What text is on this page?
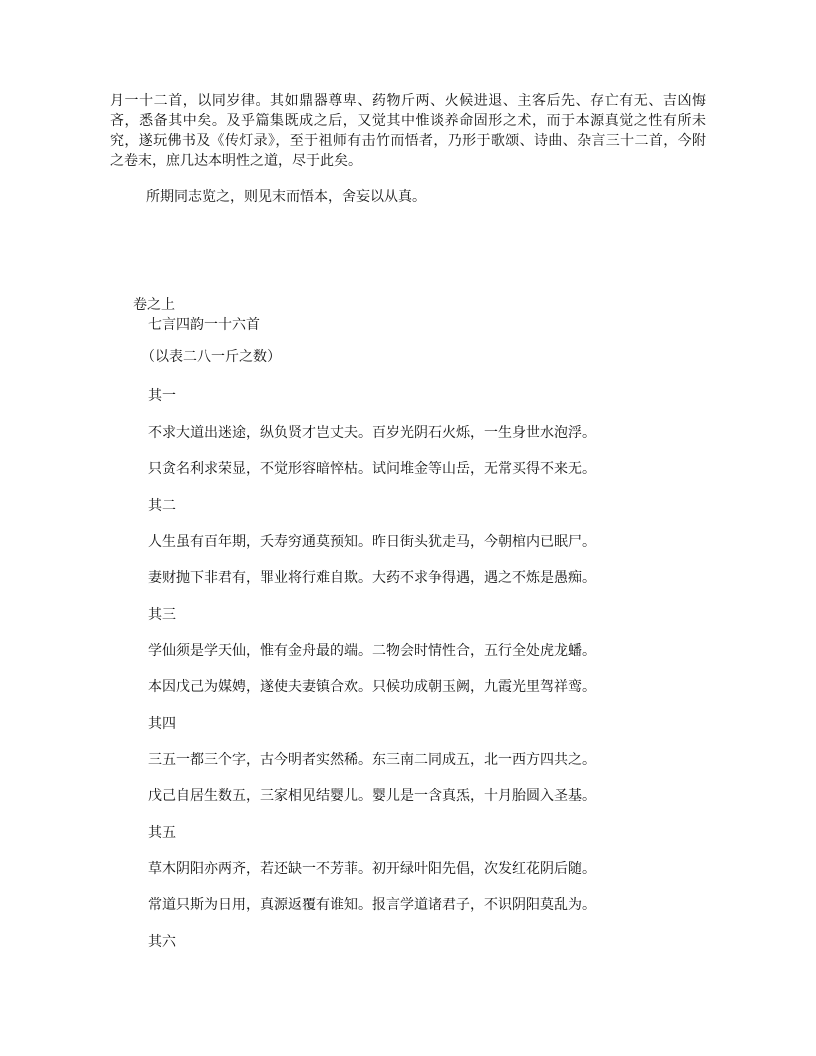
月一十二首，以同岁律。其如鼎器尊卑、药物斤两、火候进退、主客后先、存亡有无、吉凶悔
吝，悉备其中矣。及乎篇集既成之后，又觉其中惟谈养命固形之术，而于本源真觉之性有所未
究，遂玩佛书及《传灯录》，至于祖师有击竹而悟者，乃形于歌颂、诗曲、杂言三十二首，今附
之卷末，庶几达本明性之道，尽于此矣。
所期同志览之，则见末而悟本，舍妄以从真。
卷之上
七言四韵一十六首
（以表二八一斤之数）
其一
不求大道出迷途，纵负贤才岂丈夫。百岁光阴石火烁，一生身世水泡浮。
只贪名利求荣显，不觉形容暗悴枯。试问堆金等山岳，无常买得不来无。
其二
人生虽有百年期，夭寿穷通莫预知。昨日街头犹走马，今朝棺内已眠尸。
妻财抛下非君有，罪业将行难自欺。大药不求争得遇，遇之不炼是愚痴。
其三
学仙须是学天仙，惟有金舟最的端。二物会时情性合，五行全处虎龙蟠。
本因戊己为媒娉，遂使夫妻镇合欢。只候功成朝玉阙，九霞光里驾祥鸾。
其四
三五一都三个字，古今明者实然稀。东三南二同成五，北一西方四共之。
戊己自居生数五，三家相见结婴儿。婴儿是一含真炁，十月胎圆入圣基。
其五
草木阴阳亦两齐，若还缺一不芳菲。初开绿叶阳先倡，次发红花阴后随。
常道只斯为日用，真源返覆有谁知。报言学道诸君子，不识阴阳莫乱为。
其六
